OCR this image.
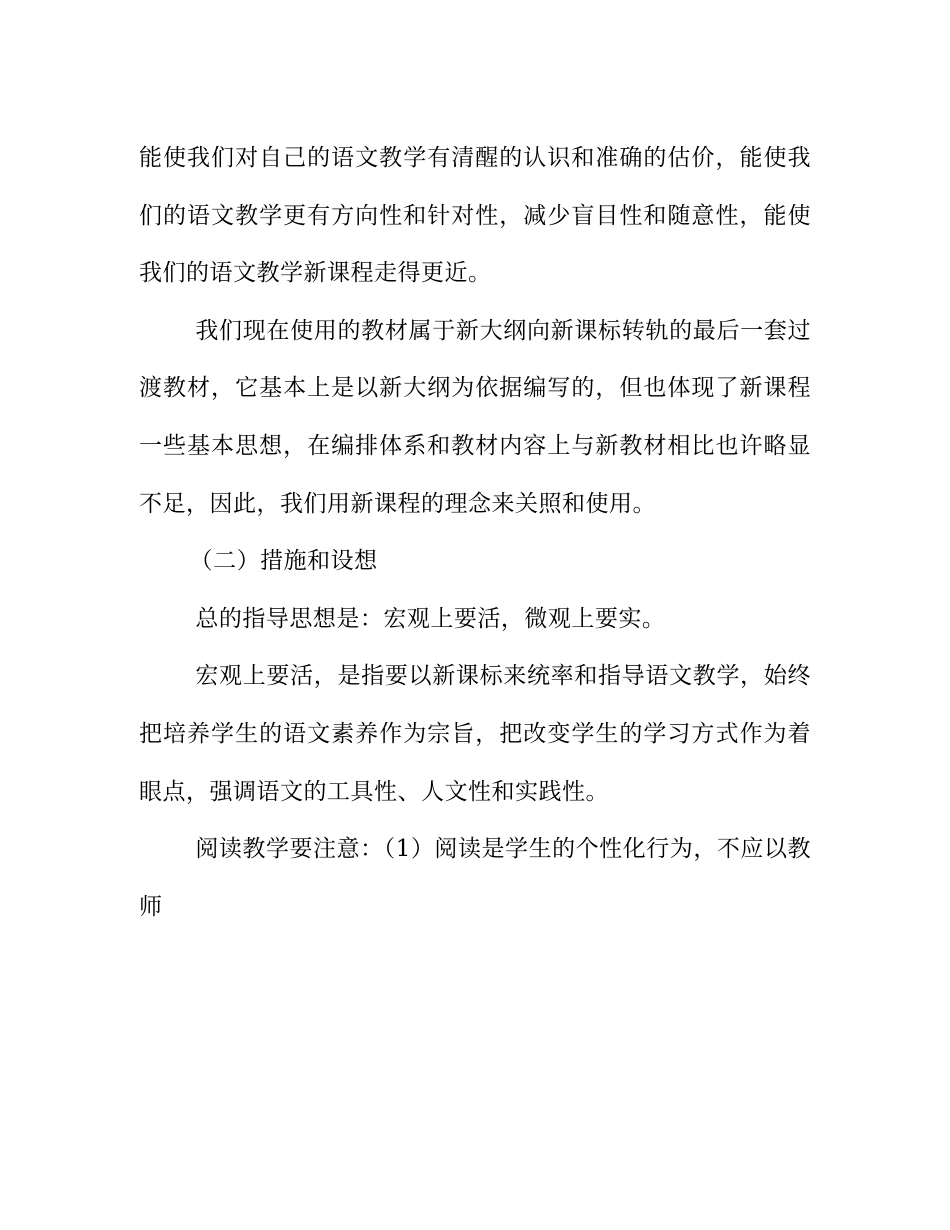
能使我们对自己的语文教学有清醒的认识和准确的估价，能使我们的语文教学更有方向性和针对性，减少盲目性和随意性，能使我们的语文教学新课程走得更近。

我们现在使用的教材属于新大纲向新课标转轨的最后一套过渡教材，它基本上是以新大纲为依据编写的，但也体现了新课程一些基本思想，在编排体系和教材内容上与新教材相比也许略显不足，因此，我们用新课程的理念来关照和使用。

（二）措施和设想

总的指导思想是：宏观上要活，微观上要实。

宏观上要活，是指要以新课标来统率和指导语文教学，始终把培养学生的语文素养作为宗旨，把改变学生的学习方式作为着眼点，强调语文的工具性、人文性和实践性。

阅读教学要注意：（1）阅读是学生的个性化行为，不应以教师
